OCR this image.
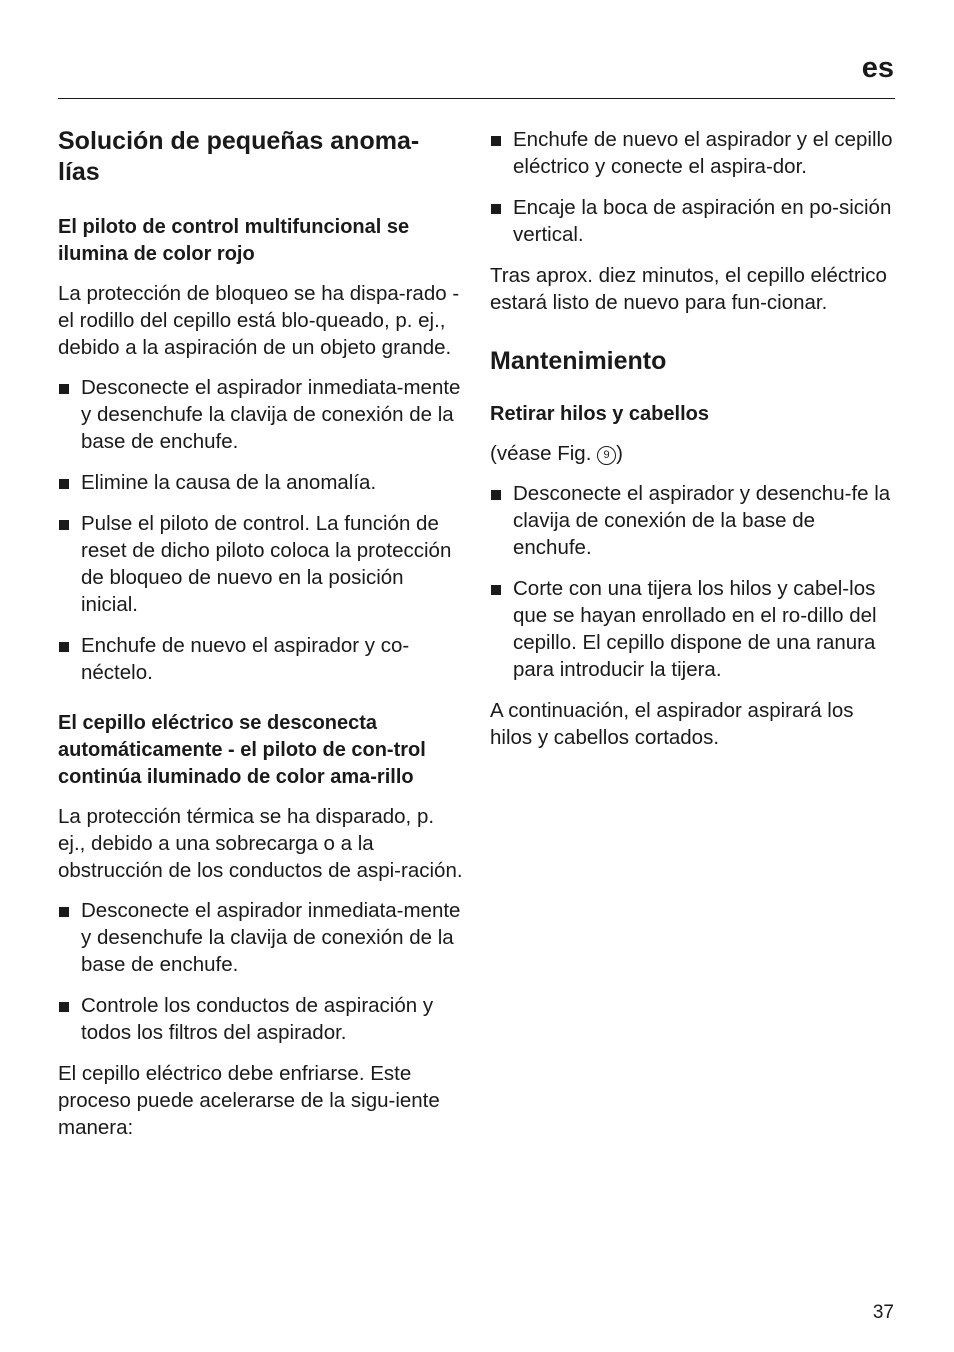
es
Solución de pequeñas anoma-
lías
El piloto de control multifuncional se ilumina de color rojo

La protección de bloqueo se ha dispa-rado - el rodillo del cepillo está blo-queado, p. ej., debido a la aspiración de un objeto grande.

Desconecte el aspirador inmediata-mente y desenchufe la clavija de conexión de la base de enchufe.
Elimine la causa de la anomalía.
Pulse el piloto de control. La función de reset de dicho piloto coloca la protección de bloqueo de nuevo en la posición inicial.
Enchufe de nuevo el aspirador y co-néctelo.
El cepillo eléctrico se desconecta automáticamente - el piloto de con-trol continúa iluminado de color ama-rillo

La protección térmica se ha disparado, p. ej., debido a una sobrecarga o a la obstrucción de los conductos de aspi-ración.

Desconecte el aspirador inmediata-mente y desenchufe la clavija de conexión de la base de enchufe.
Controle los conductos de aspiración y todos los filtros del aspirador.

El cepillo eléctrico debe enfriarse. Este proceso puede acelerarse de la sigu-iente manera:

Enchufe de nuevo el aspirador y el cepillo eléctrico y conecte el aspira-dor.
Encaje la boca de aspiración en po-sición vertical.

Tras aprox. diez minutos, el cepillo eléctrico estará listo de nuevo para fun-cionar.

Mantenimiento
Retirar hilos y cabellos

(véase Fig. 9 )

Desconecte el aspirador y desenchu-fe la clavija de conexión de la base de enchufe.
Corte con una tijera los hilos y cabel-los que se hayan enrollado en el ro-dillo del cepillo. El cepillo dispone de una ranura para introducir la tijera.

A continuación, el aspirador aspirará los hilos y cabellos cortados.

37
